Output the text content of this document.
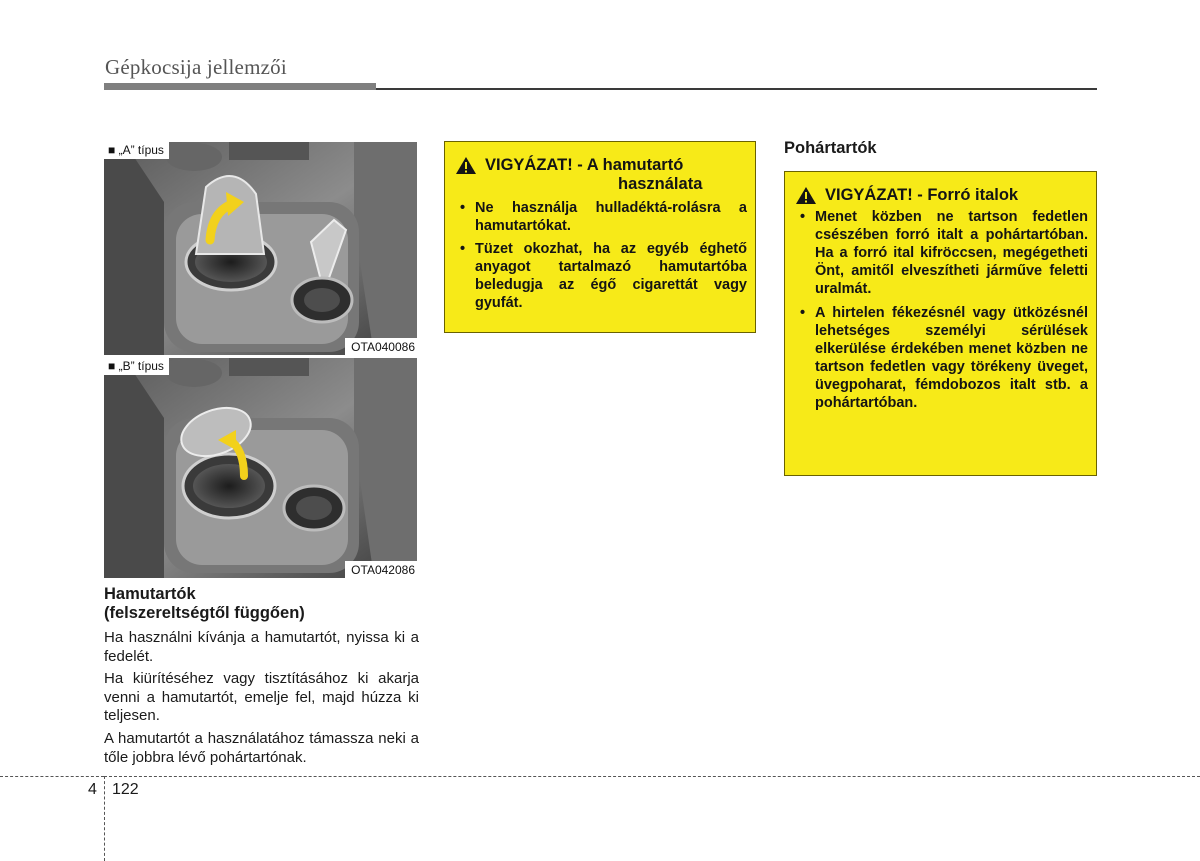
Gépkocsija jellemzői
■ „A” típus
OTA040086
■ „B” típus
OTA042086
Hamutartók
(felszereltségtől függően)

Ha használni kívánja a hamutartót, nyissa ki a fedelét.

Ha kiürítéséhez vagy tisztításához ki akarja venni a hamutartót, emelje fel, majd húzza ki teljesen.

A hamutartót a használatához támassza neki a tőle jobbra lévő pohártartónak.

VIGYÁZAT! - A hamutartó
használata
• Ne használja hulladéktá-rolásra a hamutartókat.
• Tüzet okozhat, ha az egyéb éghető anyagot tartalmazó hamutartóba beledugja az égő cigarettát vagy gyufát.
Pohártartók
VIGYÁZAT! - Forró italok
• Menet közben ne tartson fedetlen csészében forró italt a pohártartóban. Ha a forró ital kifröccsen, megégetheti Önt, amitől elveszítheti járműve feletti uralmát.
• A hirtelen fékezésnél vagy ütközésnél lehetséges személyi sérülések elkerülése érdekében menet közben ne tartson fedetlen vagy törékeny üveget, üvegpoharat, fémdobozos italt stb. a pohártartóban.
4 122
